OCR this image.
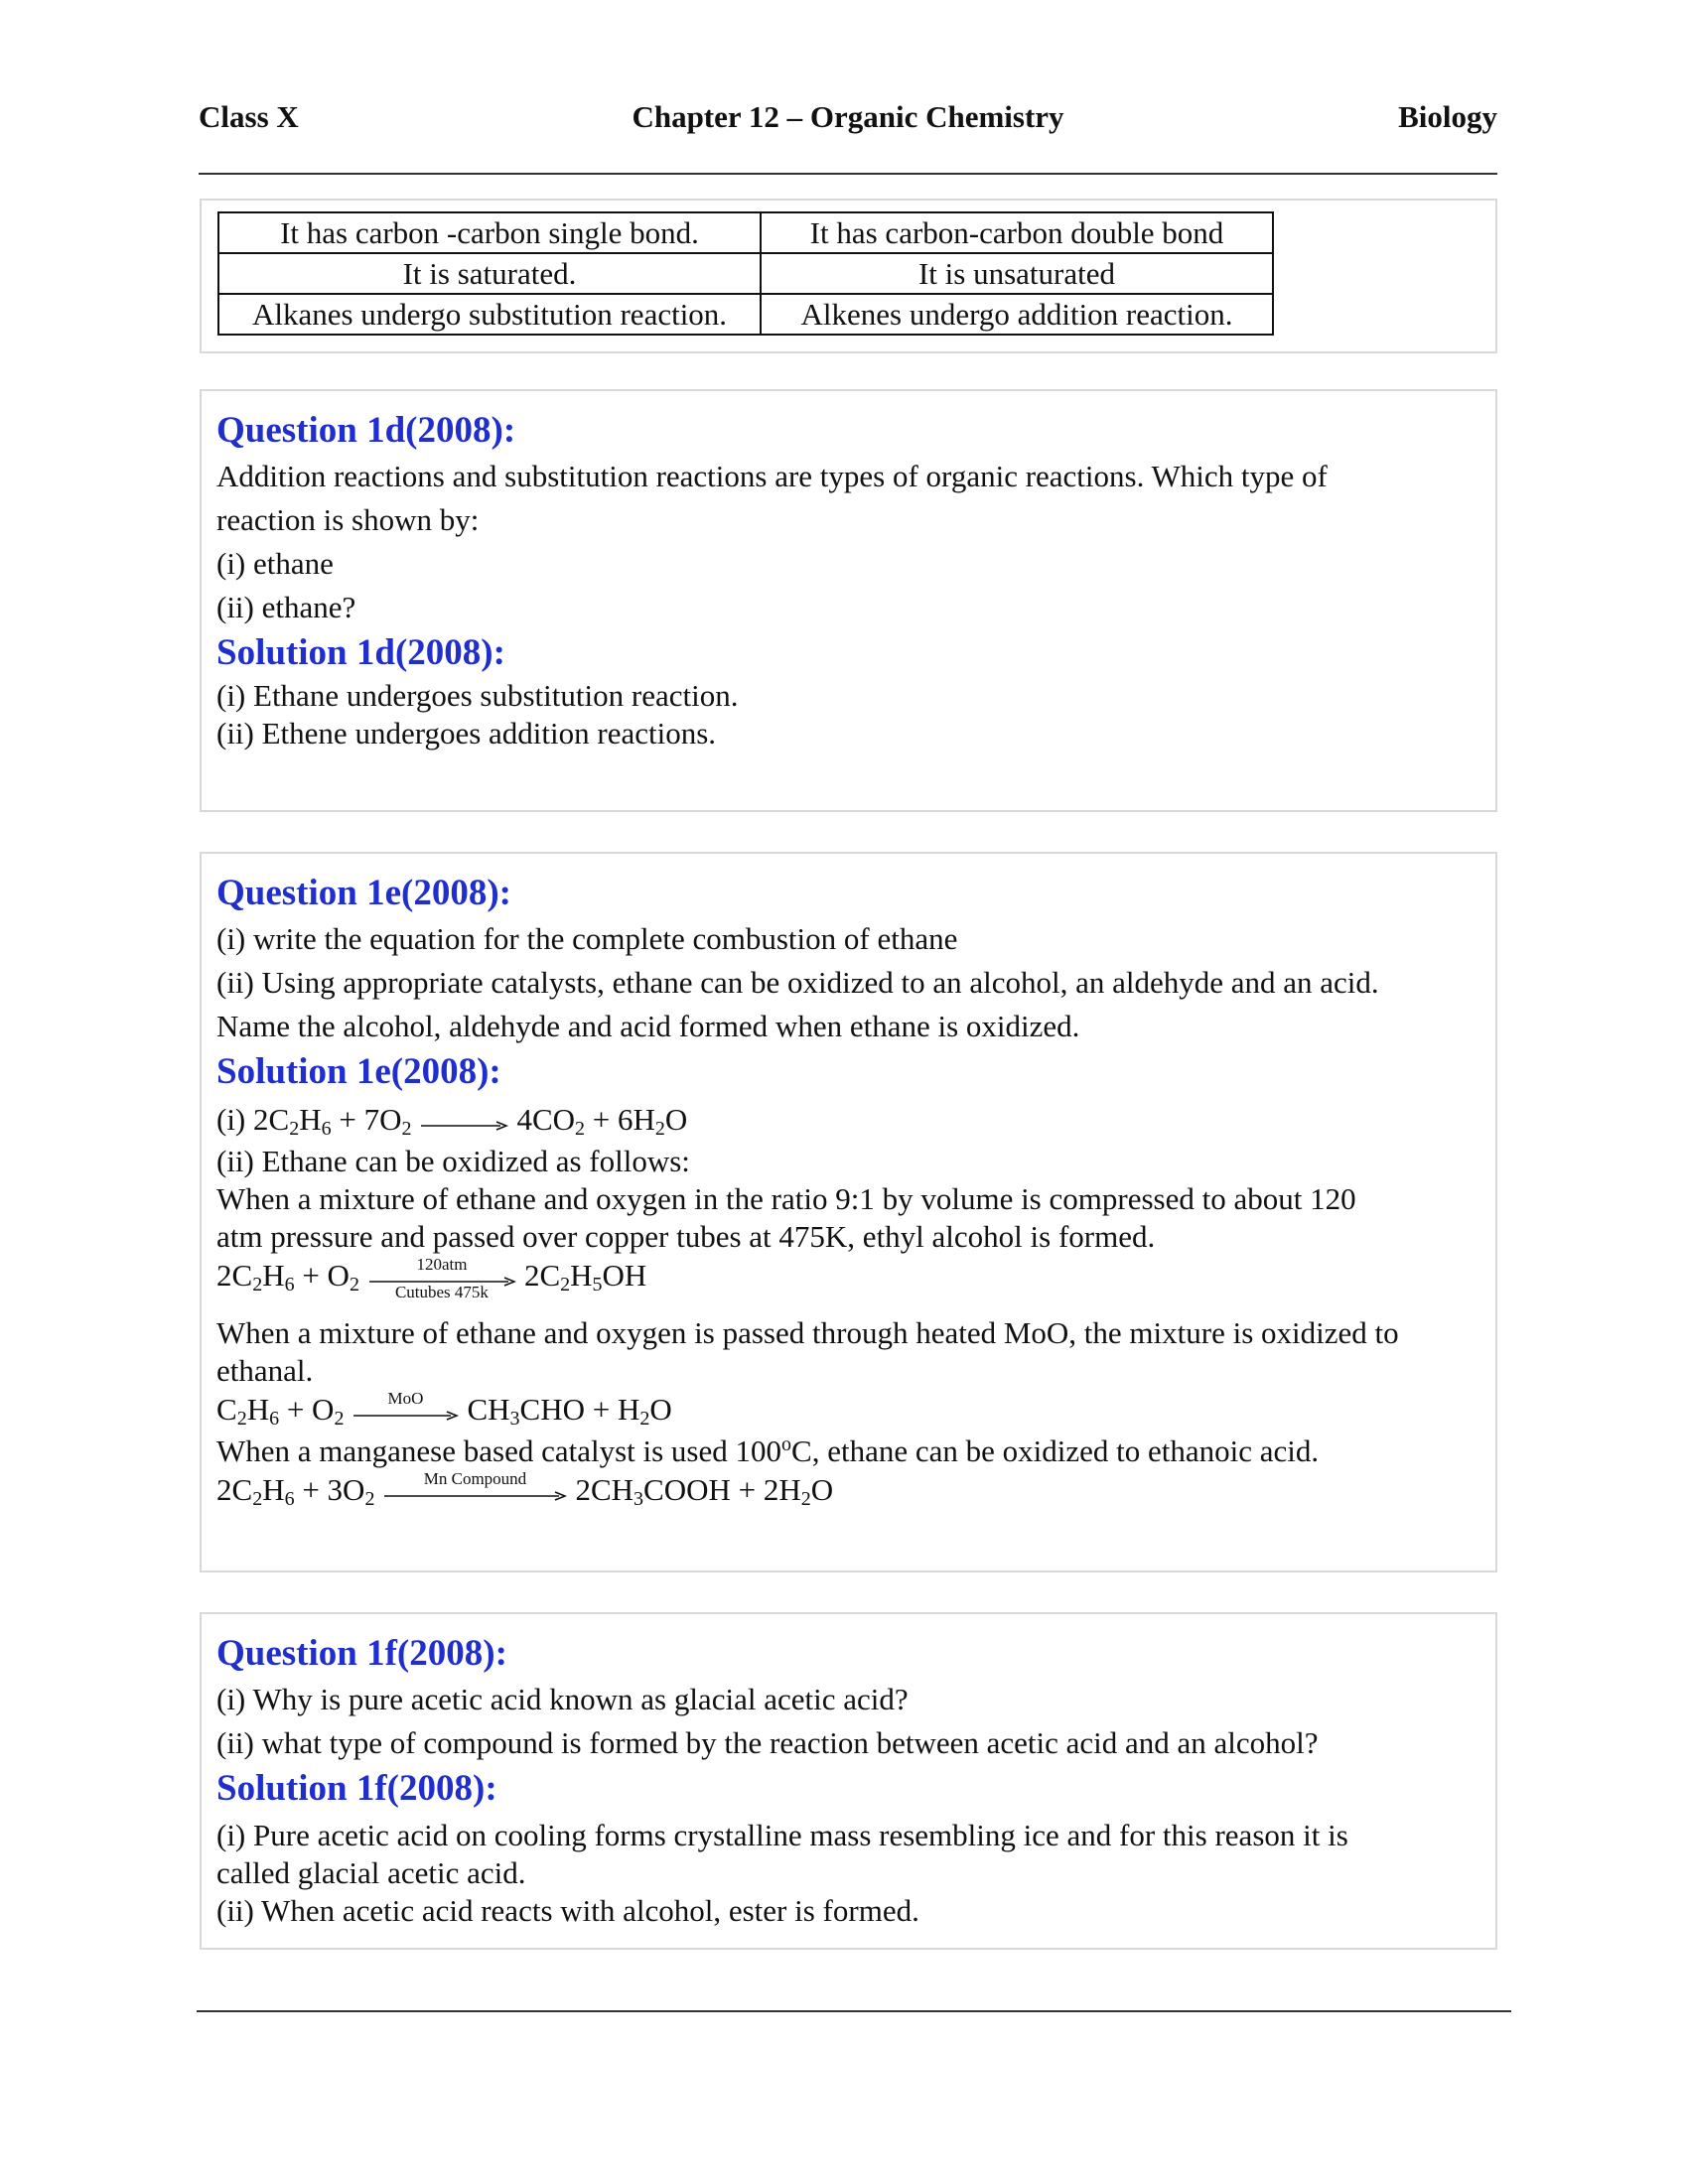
Class X	Chapter 12 – Organic Chemistry	Biology
It has carbon -carbon single bond.	It has carbon-carbon double bond
It is saturated.	It is unsaturated
Alkanes undergo substitution reaction.	Alkenes undergo addition reaction.
Question 1d(2008):
Addition reactions and substitution reactions are types of organic reactions. Which type of
reaction is shown by:
(i) ethane
(ii) ethane?
Solution 1d(2008):
(i) Ethane undergoes substitution reaction.
(ii) Ethene undergoes addition reactions.
Question 1e(2008):
(i) write the equation for the complete combustion of ethane
(ii) Using appropriate catalysts, ethane can be oxidized to an alcohol, an aldehyde and an acid.
Name the alcohol, aldehyde and acid formed when ethane is oxidized.
Solution 1e(2008):
(i) $2C_2H_6 + 7O_2 \to 4CO_2 + 6H_2O$
(ii) Ethane can be oxidized as follows:
When a mixture of ethane and oxygen in the ratio 9:1 by volume is compressed to about 120
atm pressure and passed over copper tubes at 475K, ethyl alcohol is formed.
$2C_2H_6 + O_2$
120atm
Cutubes 475k	$2C_2H_5OH$
When a mixture of ethane and oxygen is passed through heated MoO, the mixture is oxidized to
ethanal.
$C_2H_6 + O_2$
MoO	$CH_3CHO + H_2O$
When a manganese based catalyst is used 100$^o$C, ethane can be oxidized to ethanoic acid.
$2C_2H_6 + 3O_2$
Mn Compound	$2CH_3COOH + 2H_2O$
Question 1f(2008):
(i) Why is pure acetic acid known as glacial acetic acid?
(ii) what type of compound is formed by the reaction between acetic acid and an alcohol?
Solution 1f(2008):
(i) Pure acetic acid on cooling forms crystalline mass resembling ice and for this reason it is
called glacial acetic acid.
(ii) When acetic acid reacts with alcohol, ester is formed.
